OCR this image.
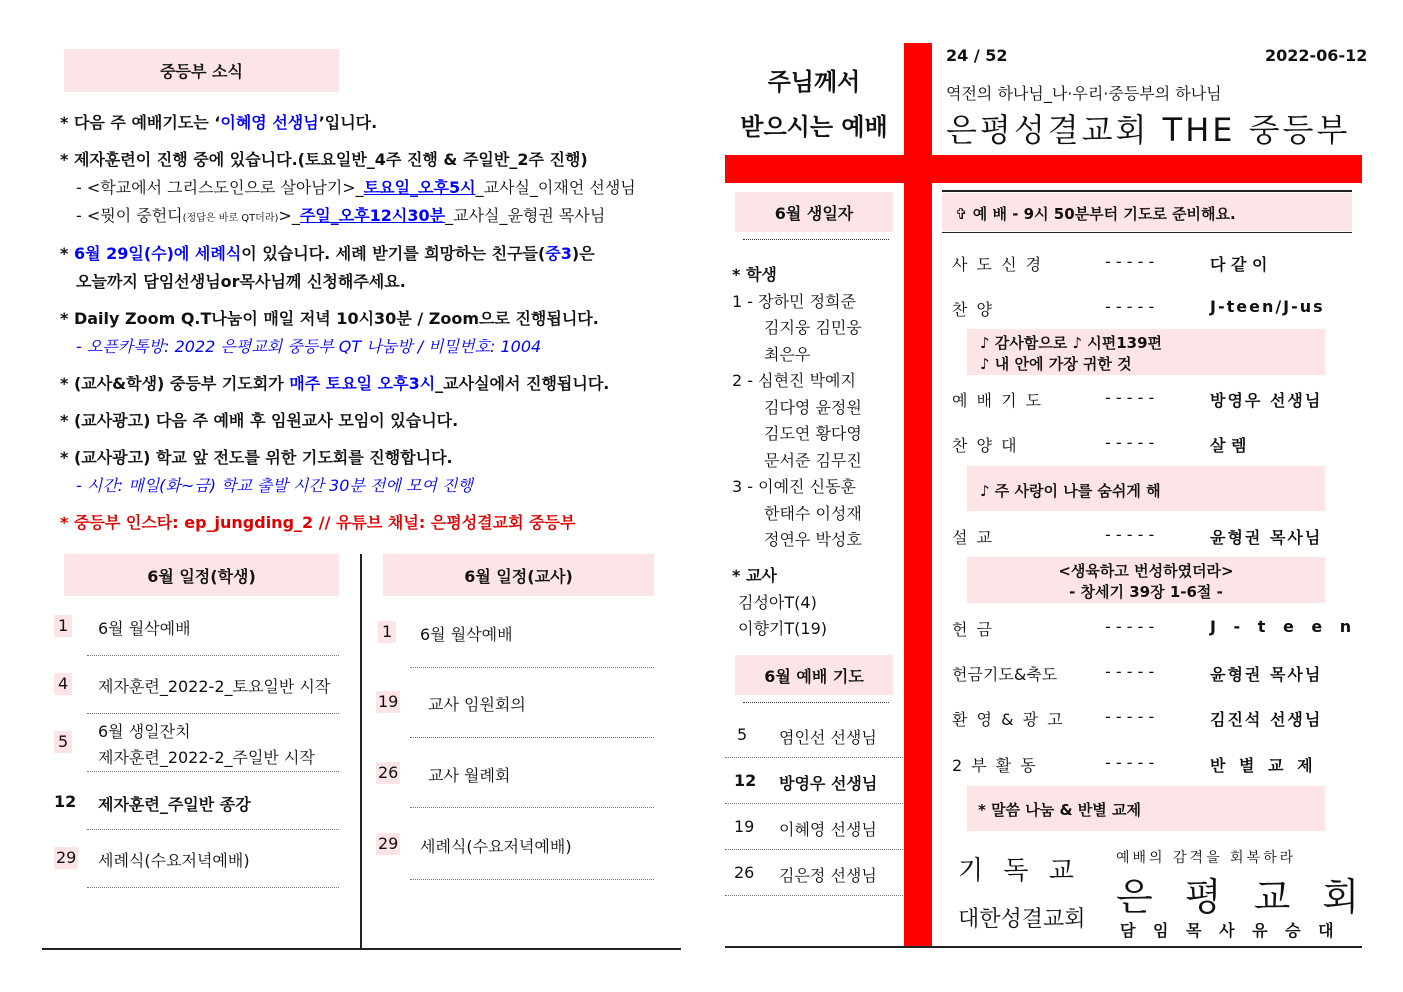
중등부 소식
* 다음 주 예배기도는 ‘이혜영 선생님’입니다.
* 제자훈련이 진행 중에 있습니다.(토요일반_4주 진행 & 주일반_2주 진행)
- <학교에서 그리스도인으로 살아남기>_토요일_오후5시_교사실_이재언 선생님
- <뭣이 중헌디(정답은 바로 QT더라)>_주일_오후12시30분_교사실_윤형권 목사님
* 6월 29일(수)에 세례식이 있습니다. 세례 받기를 희망하는 친구들(중3)은
오늘까지 담임선생님or목사님께 신청해주세요.
* Daily Zoom Q.T나눔이 매일 저녁 10시30분 / Zoom으로 진행됩니다.
- 오픈카톡방: 2022 은평교회 중등부 QT 나눔방 / 비밀번호: 1004
* (교사&학생) 중등부 기도회가 매주 토요일 오후3시_교사실에서 진행됩니다.
* (교사광고) 다음 주 예배 후 임원교사 모임이 있습니다.
* (교사광고) 학교 앞 전도를 위한 기도회를 진행합니다.
- 시간: 매일(화~금) 학교 출발 시간 30분 전에 모여 진행
* 중등부 인스타: ep_jungding_2 // 유튜브 채널: 은평성결교회 중등부
6월 일정(학생)	6월 일정(교사)
1 6월 월삭예배
4 제자훈련_2022-2_토요일반 시작
5
6월 생일잔치
제자훈련_2022-2_주일반 시작
12 제자훈련_주일반 종강
29 세례식(수요저녁예배)
1 6월 월삭예배
19 교사 임원회의
26 교사 월례회
29 세례식(수요저녁예배)
주님께서
받으시는 예배
24 / 52	2022-06-12
역전의 하나님_나·우리·중등부의 하나님
은평성결교회 THE 중등부
6월 생일자
* 학생
1 - 장하민 정희준
김지웅 김민웅
최은우
2 - 심현진 박예지
김다영 윤정원
김도연 황다영
문서준 김무진
3 - 이예진 신동훈
한태수 이성재
정연우 박성호
* 교사
김성아T(4)
이향기T(19)
6월 예배 기도
5 염인선 선생님
12 방영우 선생님
19 이혜영 선생님
26 김은정 선생님
✞ 예 배 - 9시 50분부터 기도로 준비해요.
사 도 신 경	- - - - -	다 같 이
찬 양	- - - - -	J-teen/J-us
♪ 감사함으로 ♪ 시편139편
♪ 내 안에 가장 귀한 것
예 배 기 도	- - - - -	방영우 선생님
찬 양 대	- - - - -	살 렘
♪ 주 사랑이 나를 숨쉬게 해
설 교	- - - - -	윤형권 목사님
<생육하고 번성하였더라>
- 창세기 39장 1-6절 -
헌 금	- - - - -	J - t e e n
헌금기도&축도	- - - - -	윤형권 목사님
환 영 & 광 고	- - - - -	김진석 선생님
2 부 활 동	- - - - -	반 별 교 제
* 말씀 나눔 & 반별 교제
기 독 교
대한성결교회
예배의 감격을 회복하라
은 평 교 회
담 임 목 사 유 승 대
